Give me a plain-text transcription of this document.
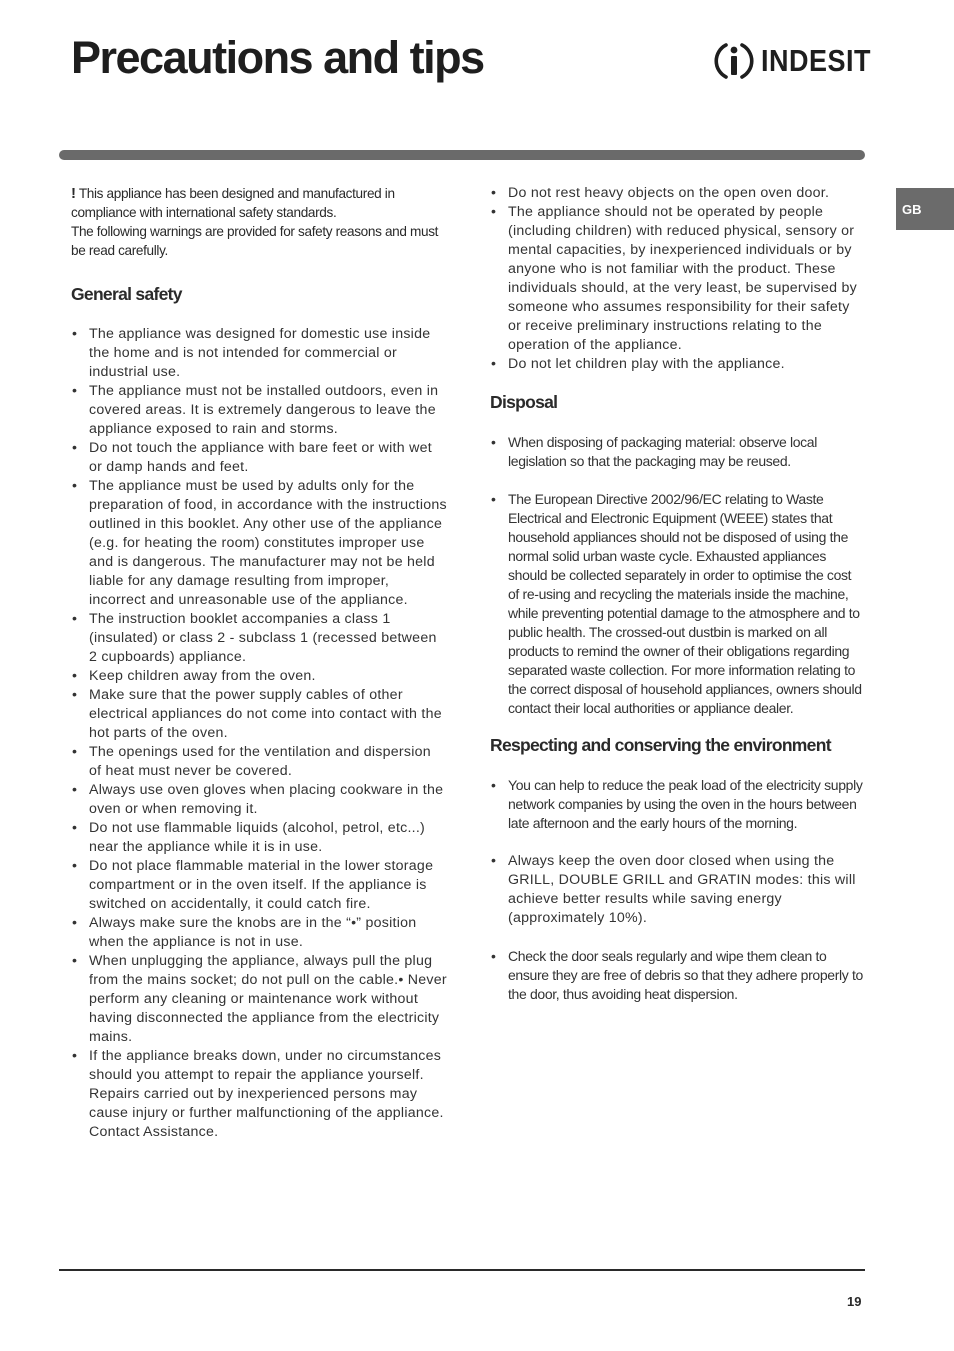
Precautions and tips	INDESIT
GB

! This appliance has been designed and manufactured in compliance with international safety standards.
The following warnings are provided for safety reasons and must be read carefully.

General safety
• The appliance was designed for domestic use inside the home and is not intended for commercial or industrial use.
• The appliance must not be installed outdoors, even in covered areas. It is extremely dangerous to leave the appliance exposed to rain and storms.
• Do not touch the appliance with bare feet or with wet or damp hands and feet.
• The appliance must be used by adults only for the preparation of food, in accordance with the instructions outlined in this booklet. Any other use of the appliance (e.g. for heating the room) constitutes improper use and is dangerous. The manufacturer may not be held liable for any damage resulting from improper, incorrect and unreasonable use of the appliance.
• The instruction booklet accompanies a class 1 (insulated) or class 2 - subclass 1 (recessed between 2 cupboards) appliance.
• Keep children away from the oven.
• Make sure that the power supply cables of other electrical appliances do not come into contact with the hot parts of the oven.
• The openings used for the ventilation and dispersion of heat must never be covered.
• Always use oven gloves when placing cookware in the oven or when removing it.
• Do not use flammable liquids (alcohol, petrol, etc...) near the appliance while it is in use.
• Do not place flammable material in the lower storage compartment or in the oven itself. If the appliance is switched on accidentally, it could catch fire.
• Always make sure the knobs are in the “•” position when the appliance is not in use.
• When unplugging the appliance, always pull the plug from the mains socket; do not pull on the cable.• Never perform any cleaning or maintenance work without having disconnected the appliance from the electricity mains.
• If the appliance breaks down, under no circumstances should you attempt to repair the appliance yourself. Repairs carried out by inexperienced persons may cause injury or further malfunctioning of the appliance. Contact Assistance.
• Do not rest heavy objects on the open oven door.
• The appliance should not be operated by people (including children) with reduced physical, sensory or mental capacities, by inexperienced individuals or by anyone who is not familiar with the product. These individuals should, at the very least, be supervised by someone who assumes responsibility for their safety or receive preliminary instructions relating to the operation of the appliance.
• Do not let children play with the appliance.
Disposal
• When disposing of packaging material: observe local legislation so that the packaging may be reused.
• The European Directive 2002/96/EC relating to Waste Electrical and Electronic Equipment (WEEE) states that household appliances should not be disposed of using the normal solid urban waste cycle. Exhausted appliances should be collected separately in order to optimise the cost of re-using and recycling the materials inside the machine, while preventing potential damage to the atmosphere and to public health. The crossed-out dustbin is marked on all products to remind the owner of their obligations regarding separated waste collection. For more information relating to the correct disposal of household appliances, owners should contact their local authorities or appliance dealer.
Respecting and conserving the environment
• You can help to reduce the peak load of the electricity supply network companies by using the oven in the hours between late afternoon and the early hours of the morning.
• Always keep the oven door closed when using the GRILL, DOUBLE GRILL and GRATIN modes: this will achieve better results while saving energy (approximately 10%).
• Check the door seals regularly and wipe them clean to ensure they are free of debris so that they adhere properly to the door, thus avoiding heat dispersion.
19
